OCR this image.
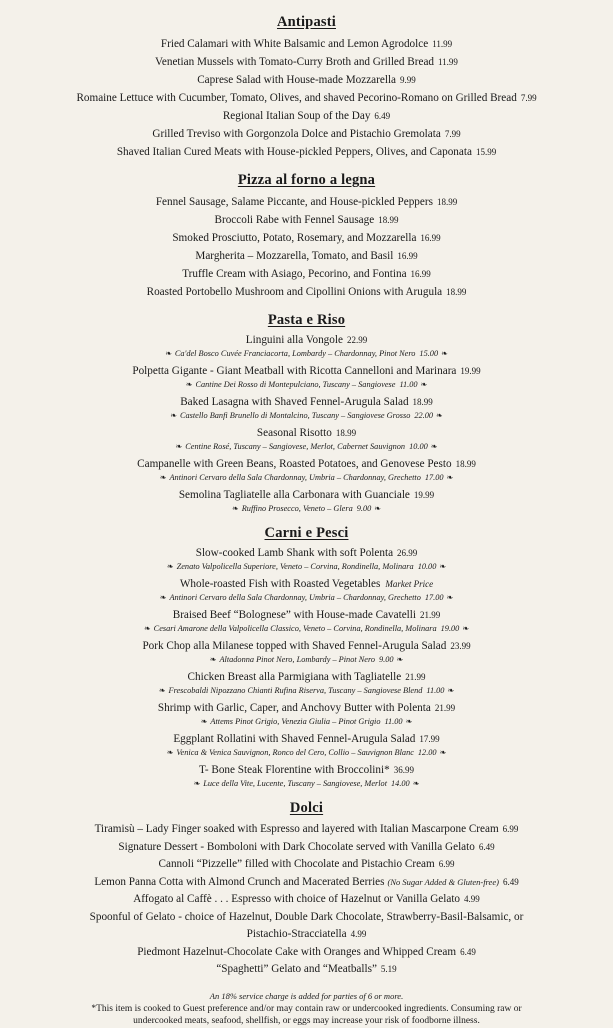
Antipasti
Fried Calamari with White Balsamic and Lemon Agrodolce 11.99
Venetian Mussels with Tomato-Curry Broth and Grilled Bread 11.99
Caprese Salad with House-made Mozzarella 9.99
Romaine Lettuce with Cucumber, Tomato, Olives, and shaved Pecorino-Romano on Grilled Bread 7.99
Regional Italian Soup of the Day 6.49
Grilled Treviso with Gorgonzola Dolce and Pistachio Gremolata 7.99
Shaved Italian Cured Meats with House-pickled Peppers, Olives, and Caponata 15.99
Pizza al forno a legna
Fennel Sausage, Salame Piccante, and House-pickled Peppers 18.99
Broccoli Rabe with Fennel Sausage 18.99
Smoked Prosciutto, Potato, Rosemary, and Mozzarella 16.99
Margherita – Mozzarella, Tomato, and Basil 16.99
Truffle Cream with Asiago, Pecorino, and Fontina 16.99
Roasted Portobello Mushroom and Cipollini Onions with Arugula 18.99
Pasta e Riso
Linguini alla Vongole 22.99
❧ Ca'del Bosco Cuvée Franciacorta, Lombardy – Chardonnay, Pinot Nero 15.00 ❧
Polpetta Gigante - Giant Meatball with Ricotta Cannelloni and Marinara 19.99
❧ Cantine Dei Rosso di Montepulciano, Tuscany – Sangiovese 11.00 ❧
Baked Lasagna with Shaved Fennel-Arugula Salad 18.99
❧ Castello Banfi Brunello di Montalcino, Tuscany – Sangiovese Grosso 22.00 ❧
Seasonal Risotto 18.99
❧ Centine Rosé, Tuscany – Sangiovese, Merlot, Cabernet Sauvignon 10.00 ❧
Campanelle with Green Beans, Roasted Potatoes, and Genovese Pesto 18.99
❧ Antinori Cervaro della Sala Chardonnay, Umbria – Chardonnay, Grechetto 17.00 ❧
Semolina Tagliatelle alla Carbonara with Guanciale 19.99
❧ Ruffino Prosecco, Veneto – Glera 9.00 ❧
Carni e Pesci
Slow-cooked Lamb Shank with soft Polenta 26.99
❧ Zenato Valpolicella Superiore, Veneto – Corvina, Rondinella, Molinara 10.00 ❧
Whole-roasted Fish with Roasted Vegetables Market Price
❧ Antinori Cervaro della Sala Chardonnay, Umbria – Chardonnay, Grechetto 17.00 ❧
Braised Beef “Bolognese” with House-made Cavatelli 21.99
❧ Cesari Amarone della Valpolicella Classico, Veneto – Corvina, Rondinella, Molinara 19.00 ❧
Pork Chop alla Milanese topped with Shaved Fennel-Arugula Salad 23.99
❧ Altadonna Pinot Nero, Lombardy – Pinot Nero 9.00 ❧
Chicken Breast alla Parmigiana with Tagliatelle 21.99
❧ Frescobaldi Nipozzano Chianti Rufina Riserva, Tuscany – Sangiovese Blend 11.00 ❧
Shrimp with Garlic, Caper, and Anchovy Butter with Polenta 21.99
❧ Attems Pinot Grigio, Venezia Giulia – Pinot Grigio 11.00 ❧
Eggplant Rollatini with Shaved Fennel-Arugula Salad 17.99
❧ Venica & Venica Sauvignon, Ronco del Cero, Collio – Sauvignon Blanc 12.00 ❧
T- Bone Steak Florentine with Broccolini* 36.99
❧ Luce della Vite, Lucente, Tuscany – Sangiovese, Merlot 14.00 ❧
Dolci
Tiramisù – Lady Finger soaked with Espresso and layered with Italian Mascarpone Cream 6.99
Signature Dessert - Bomboloni with Dark Chocolate served with Vanilla Gelato 6.49
Cannoli “Pizzelle” filled with Chocolate and Pistachio Cream 6.99
Lemon Panna Cotta with Almond Crunch and Macerated Berries (No Sugar Added & Gluten-free) 6.49
Affogato al Caffè . . . Espresso with choice of Hazelnut or Vanilla Gelato 4.99
Spoonful of Gelato - choice of Hazelnut, Double Dark Chocolate, Strawberry-Basil-Balsamic, or
Pistachio-Stracciatella 4.99
Piedmont Hazelnut-Chocolate Cake with Oranges and Whipped Cream 6.49
“Spaghetti” Gelato and “Meatballs” 5.19
An 18% service charge is added for parties of 6 or more.
*This item is cooked to Guest preference and/or may contain raw or undercooked ingredients. Consuming raw or
undercooked meats, seafood, shellfish, or eggs may increase your risk of foodborne illness.
